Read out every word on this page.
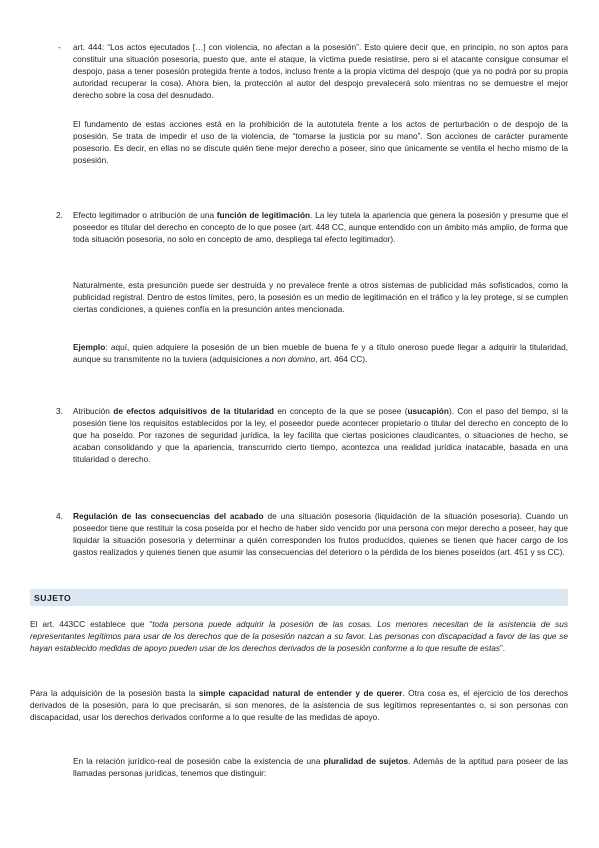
- art. 444: “Los actos ejecutados […] con violencia, no afectan a la posesión”. Esto quiere decir que, en principio, no son aptos para constituir una situación posesoria, puesto que, ante el ataque, la víctima puede resistirse, pero si el atacante consigue consumar el despojo, pasa a tener posesión protegida frente a todos, incluso frente a la propia víctima del despojo (que ya no podrá por su propia autoridad recuperar la cosa). Ahora bien, la protección al autor del despojo prevalecerá solo mientras no se demuestre el mejor derecho sobre la cosa del desnudado.
El fundamento de estas acciones está en la prohibición de la autotutela frente a los actos de perturbación o de despojo de la posesión. Se trata de impedir el uso de la violencia, de “tomarse la justicia por su mano”. Son acciones de carácter puramente posesorio. Es decir, en ellas no se discute quién tiene mejor derecho a poseer, sino que únicamente se ventila el hecho mismo de la posesión.
2. Efecto legitimador o atribución de una función de legitimación. La ley tutela la apariencia que genera la posesión y presume que el poseedor es titular del derecho en concepto de lo que posee (art. 448 CC, aunque entendido con un ámbito más amplio, de forma que toda situación posesoria, no solo en concepto de amo, despliega tal efecto legitimador).
Naturalmente, esta presunción puede ser destruida y no prevalece frente a otros sistemas de publicidad más sofisticados, como la publicidad registral. Dentro de estos límites, pero, la posesión es un medio de legitimación en el tráfico y la ley protege, si se cumplen ciertas condiciones, a quienes confía en la presunción antes mencionada.
Ejemplo: aquí, quien adquiere la posesión de un bien mueble de buena fe y a título oneroso puede llegar a adquirir la titularidad, aunque su transmitente no la tuviera (adquisiciones a non domino, art. 464 CC).
3. Atribución de efectos adquisitivos de la titularidad en concepto de la que se posee (usucapión). Con el paso del tiempo, si la posesión tiene los requisitos establecidos por la ley, el poseedor puede acontecer propietario o titular del derecho en concepto de lo que ha poseído. Por razones de seguridad jurídica, la ley facilita que ciertas posiciones claudicantes, o situaciones de hecho, se acaban consolidando y que la apariencia, transcurrido cierto tiempo, acontezca una realidad jurídica inatacable, basada en una titularidad o derecho.
4. Regulación de las consecuencias del acabado de una situación posesoria (liquidación de la situación posesoria). Cuando un poseedor tiene que restituir la cosa poseída por el hecho de haber sido vencido por una persona con mejor derecho a poseer, hay que liquidar la situación posesoria y determinar a quién corresponden los frutos producidos, quienes se tienen que hacer cargo de los gastos realizados y quienes tienen que asumir las consecuencias del deterioro o la pérdida de los bienes poseídos (art. 451 y ss CC).
SUJETO
El art. 443CC establece que “toda persona puede adquirir la posesión de las cosas. Los menores necesitan de la asistencia de sus representantes legítimos para usar de los derechos que de la posesión nazcan a su favor. Las personas con discapacidad a favor de las que se hayan establecido medidas de apoyo pueden usar de los derechos derivados de la posesión conforme a lo que resulte de estas”.
Para la adquisición de la posesión basta la simple capacidad natural de entender y de querer. Otra cosa es, el ejercicio de los derechos derivados de la posesión, para lo que precisarán, si son menores, de la asistencia de sus legítimos representantes o, si son personas con discapacidad, usar los derechos derivados conforme a lo que resulte de las medidas de apoyo.
En la relación jurídico-real de posesión cabe la existencia de una pluralidad de sujetos. Además de la aptitud para poseer de las llamadas personas jurídicas, tenemos que distinguir:
